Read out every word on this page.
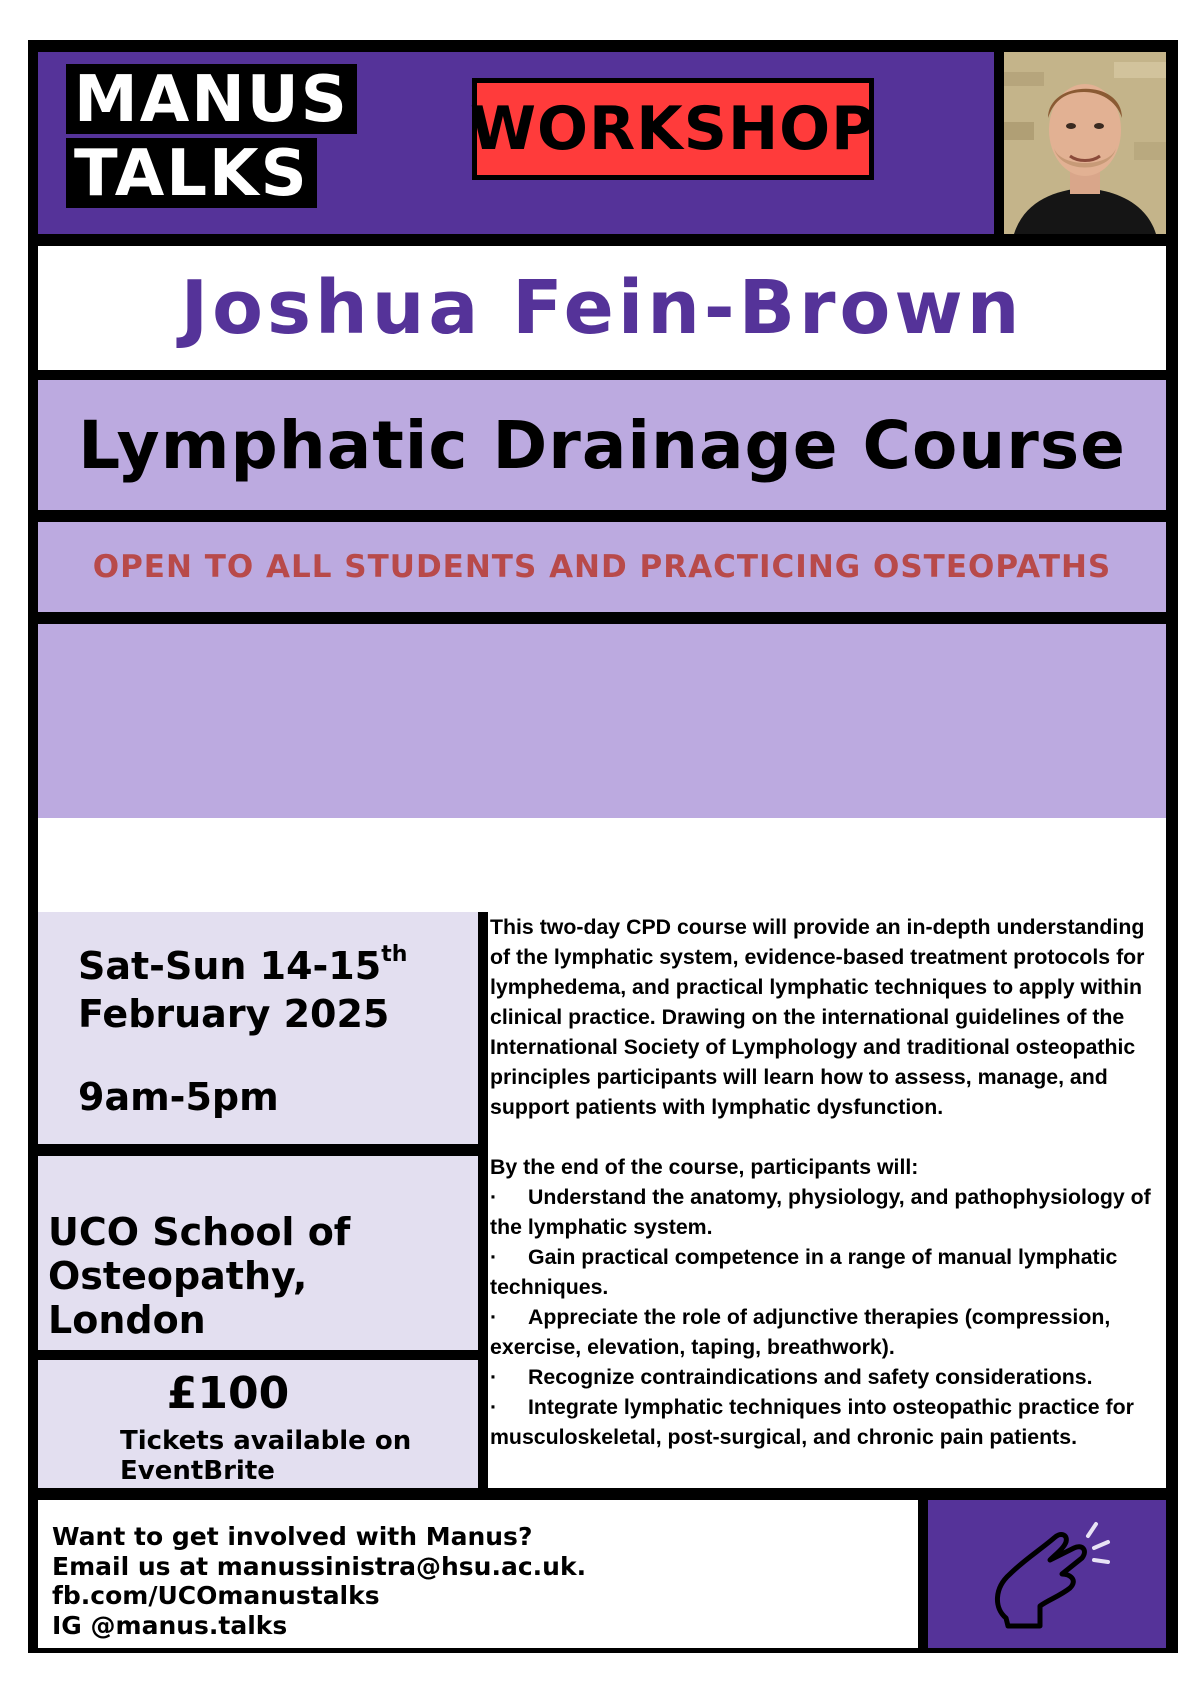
MANUS
TALKS
WORKSHOP
Joshua Fein-Brown
Lymphatic Drainage Course
OPEN TO ALL STUDENTS AND PRACTICING OSTEOPATHS
Sat-Sun 14-15th
February 2025
9am-5pm
UCO School of
Osteopathy, London
£100
Tickets available on
EventBrite

This two-day CPD course will provide an in-depth understanding of the lymphatic system, evidence-based treatment protocols for lymphedema, and practical lymphatic techniques to apply within clinical practice. Drawing on the international guidelines of the International Society of Lymphology and traditional osteopathic principles participants will learn how to assess, manage, and support patients with lymphatic dysfunction.

By the end of the course, participants will:

· Understand the anatomy, physiology, and pathophysiology of the lymphatic system.

· Gain practical competence in a range of manual lymphatic techniques.

· Appreciate the role of adjunctive therapies (compression, exercise, elevation, taping, breathwork).

· Recognize contraindications and safety considerations.

· Integrate lymphatic techniques into osteopathic practice for musculoskeletal, post-surgical, and chronic pain patients.

Want to get involved with Manus?
Email us at manussinistra@hsu.ac.uk.
fb.com/UCOmanustalks
IG @manus.talks
